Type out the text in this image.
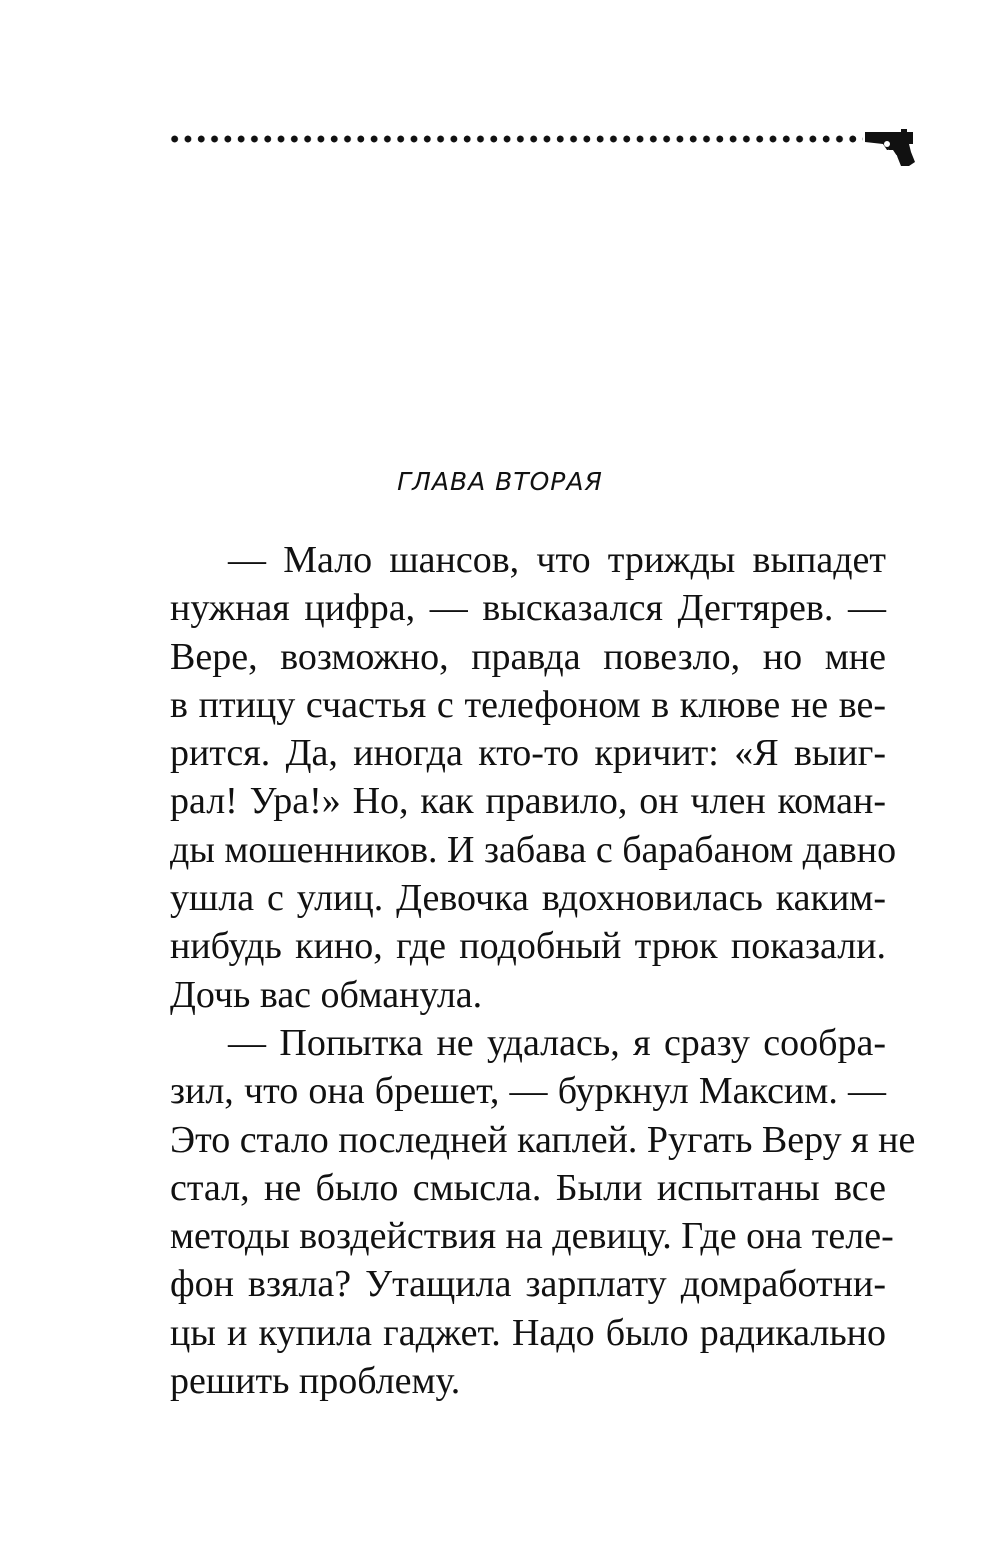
ГЛАВА ВТОРАЯ
— Мало шансов, что трижды выпадет
нужная цифра, — высказался Дегтярев. —
Вере, возможно, правда повезло, но мне
в птицу счастья с телефоном в клюве не ве-
рится. Да, иногда кто-то кричит: «Я выиг-
рал! Ура!» Но, как правило, он член коман-
ды мошенников. И забава с барабаном давно
ушла с улиц. Девочка вдохновилась каким-
нибудь кино, где подобный трюк показали.
Дочь вас обманула.
— Попытка не удалась, я сразу сообра-
зил, что она брешет, — буркнул Максим. —
Это стало последней каплей. Ругать Веру я не
стал, не было смысла. Были испытаны все
методы воздействия на девицу. Где она теле-
фон взяла? Утащила зарплату домработни-
цы и купила гаджет. Надо было радикально
решить проблему.
